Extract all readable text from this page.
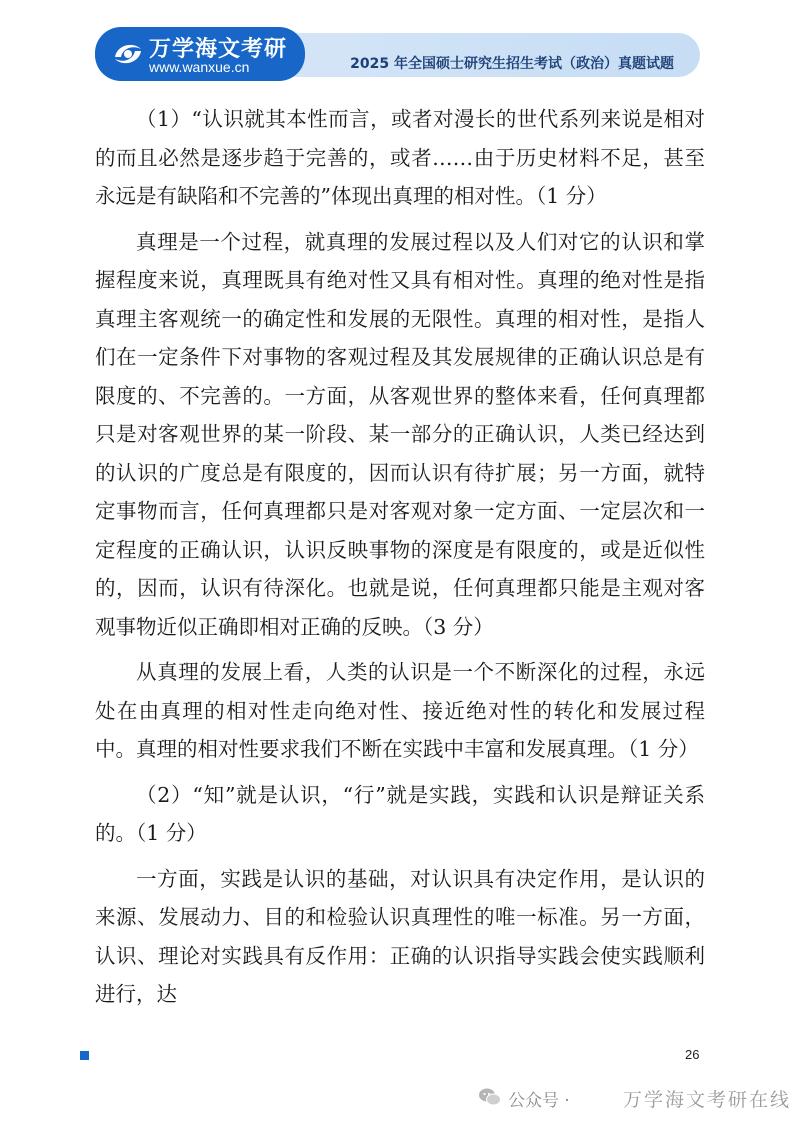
2025 年全国硕士研究生招生考试（政治）真题试题
万学海文考研
www.wanxue.cn

（1）“认识就其本性而言，或者对漫长的世代系列来说是相对的而且必然是逐步趋于完善的，或者……由于历史材料不足，甚至永远是有缺陷和不完善的”体现出真理的相对性。（1 分）

真理是一个过程，就真理的发展过程以及人们对它的认识和掌握程度来说，真理既具有绝对性又具有相对性。真理的绝对性是指真理主客观统一的确定性和发展的无限性。真理的相对性，是指人们在一定条件下对事物的客观过程及其发展规律的正确认识总是有限度的、不完善的。一方面，从客观世界的整体来看，任何真理都只是对客观世界的某一阶段、某一部分的正确认识，人类已经达到的认识的广度总是有限度的，因而认识有待扩展；另一方面，就特定事物而言，任何真理都只是对客观对象一定方面、一定层次和一定程度的正确认识，认识反映事物的深度是有限度的，或是近似性的，因而，认识有待深化。也就是说，任何真理都只能是主观对客观事物近似正确即相对正确的反映。（3 分）

从真理的发展上看，人类的认识是一个不断深化的过程，永远处在由真理的相对性走向绝对性、接近绝对性的转化和发展过程中。真理的相对性要求我们不断在实践中丰富和发展真理。（1 分）

（2）“知”就是认识，“行”就是实践，实践和认识是辩证关系的。（1 分）

一方面，实践是认识的基础，对认识具有决定作用，是认识的来源、发展动力、目的和检验认识真理性的唯一标准。另一方面，认识、理论对实践具有反作用：正确的认识指导实践会使实践顺利进行，达

26
公众号 ·	万学海文考研在线
